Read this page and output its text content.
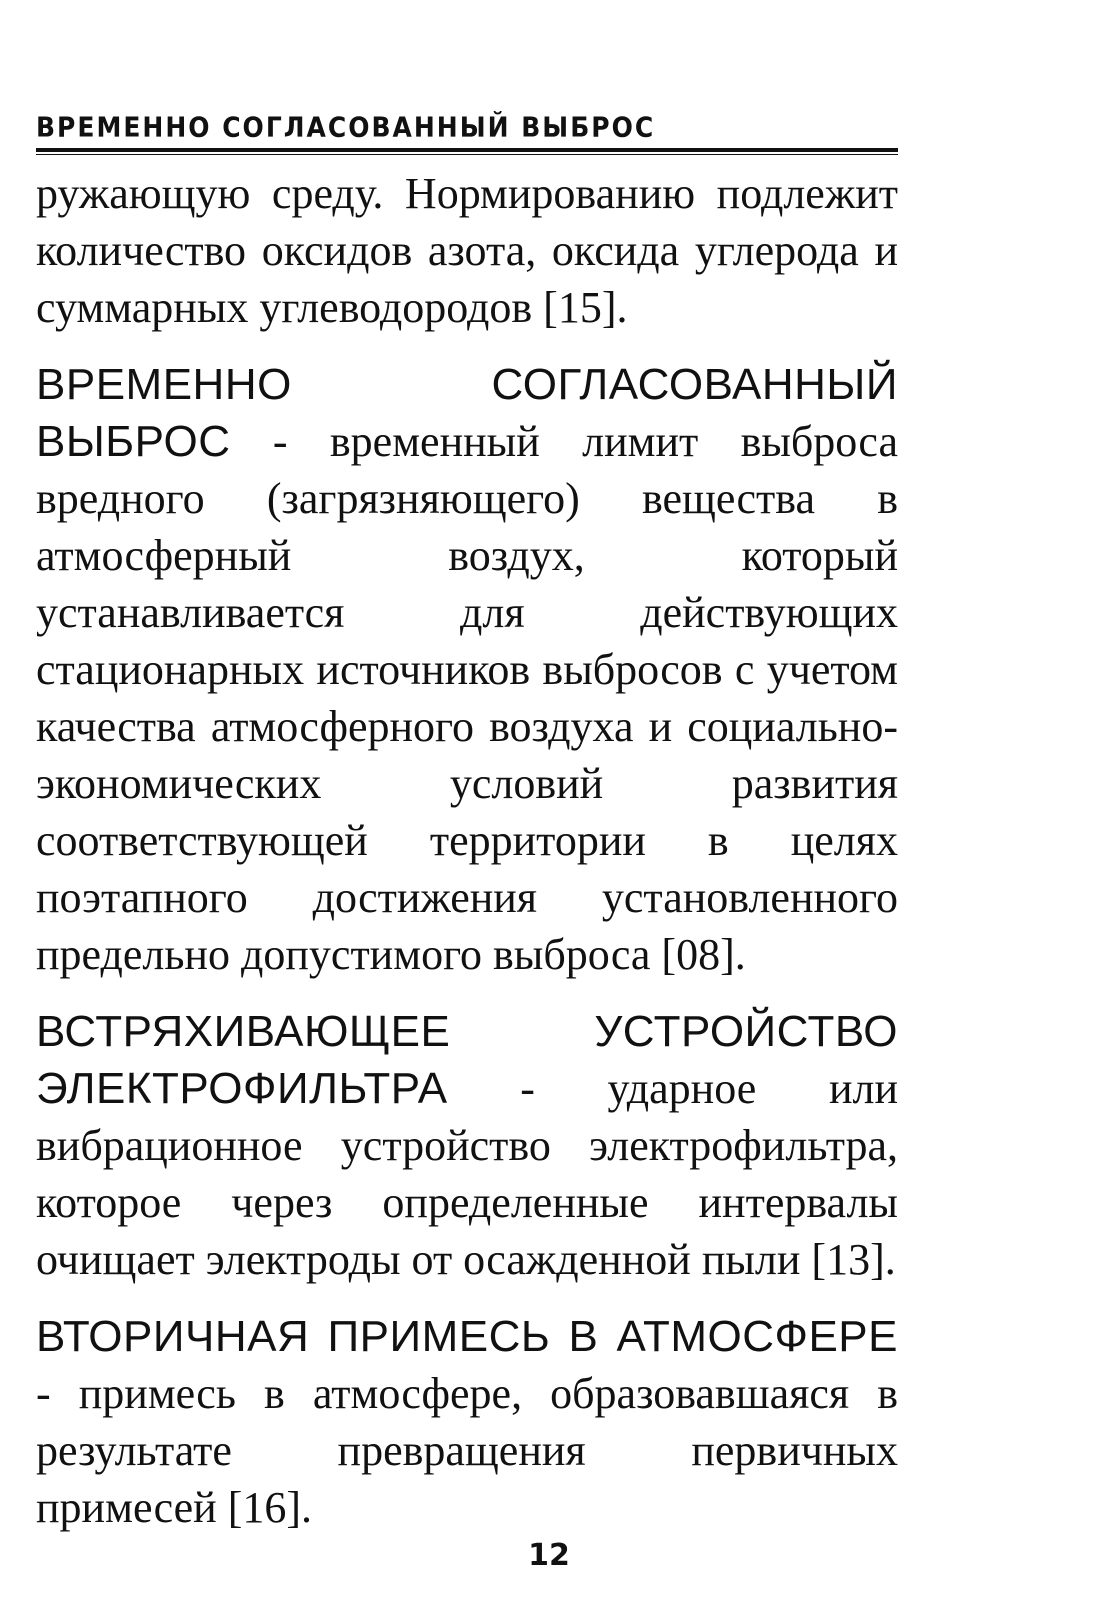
ВРЕМЕННО СОГЛАСОВАННЫЙ ВЫБРОС

ружающую среду. Нормированию подлежит количество оксидов азота, оксида углерода и суммарных углеводородов [15].

ВРЕМЕННО СОГЛАСОВАННЫЙ ВЫБРОС - временный лимит выброса вредного (загрязняющего) вещества в атмосферный воздух, который устанавливается для действующих стационарных источников выбросов с учетом качества атмосферного воздуха и социально-экономических условий развития соответствующей территории в целях поэтапного достижения установленного предельно допустимого выброса [08].

ВСТРЯХИВАЮЩЕЕ УСТРОЙСТВО ЭЛЕКТРОФИЛЬТРА - ударное или вибрационное устройство электрофильтра, которое через определенные интервалы очищает электроды от осажденной пыли [13].

ВТОРИЧНАЯ ПРИМЕСЬ В АТМОСФЕРЕ - примесь в атмосфере, образовавшаяся в результате превращения первичных примесей [16].

12
